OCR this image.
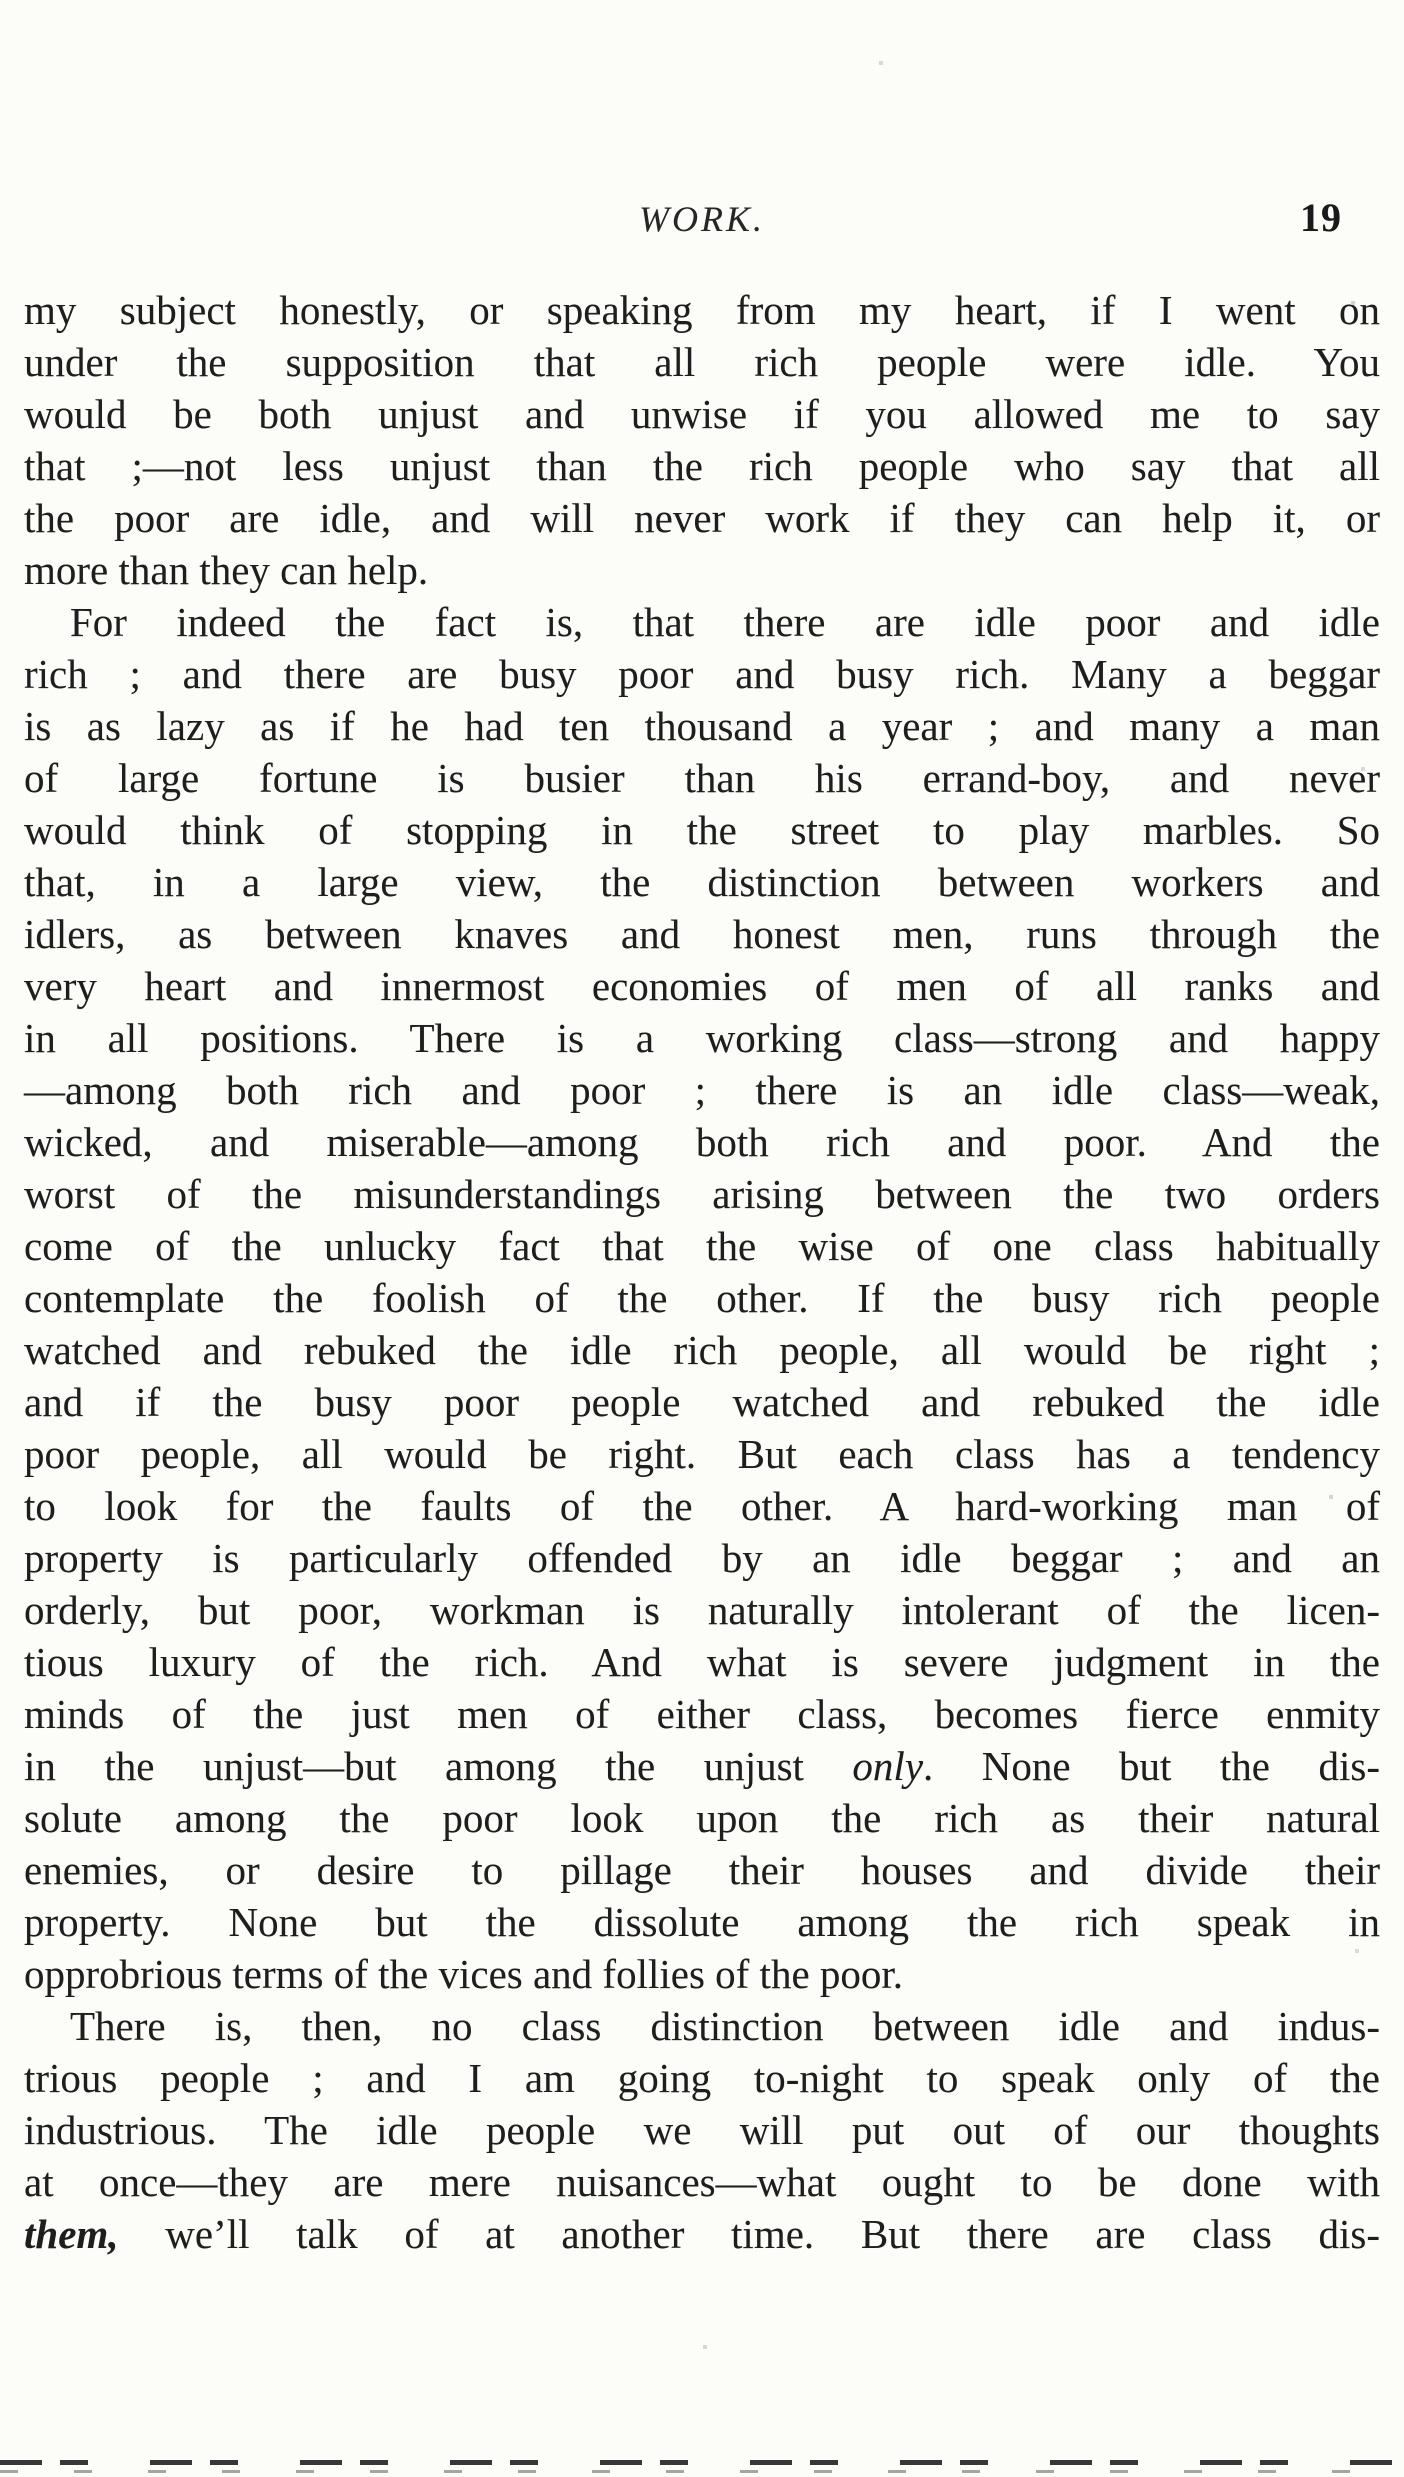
WORK.	19
my subject honestly, or speaking from my heart, if I went on
under the supposition that all rich people were idle. You
would be both unjust and unwise if you allowed me to say
that ;—not less unjust than the rich people who say that all
the poor are idle, and will never work if they can help it, or
more than they can help.
For indeed the fact is, that there are idle poor and idle
rich ; and there are busy poor and busy rich. Many a beggar
is as lazy as if he had ten thousand a year ; and many a man
of large fortune is busier than his errand-boy, and never
would think of stopping in the street to play marbles. So
that, in a large view, the distinction between workers and
idlers, as between knaves and honest men, runs through the
very heart and innermost economies of men of all ranks and
in all positions. There is a working class—strong and happy
—among both rich and poor ; there is an idle class—weak,
wicked, and miserable—among both rich and poor. And the
worst of the misunderstandings arising between the two orders
come of the unlucky fact that the wise of one class habitually
contemplate the foolish of the other. If the busy rich people
watched and rebuked the idle rich people, all would be right ;
and if the busy poor people watched and rebuked the idle
poor people, all would be right. But each class has a tendency
to look for the faults of the other. A hard-working man of
property is particularly offended by an idle beggar ; and an
orderly, but poor, workman is naturally intolerant of the licen-
tious luxury of the rich. And what is severe judgment in the
minds of the just men of either class, becomes fierce enmity
in the unjust—but among the unjust only. None but the dis-
solute among the poor look upon the rich as their natural
enemies, or desire to pillage their houses and divide their
property. None but the dissolute among the rich speak in
opprobrious terms of the vices and follies of the poor.
There is, then, no class distinction between idle and indus-
trious people ; and I am going to-night to speak only of the
industrious. The idle people we will put out of our thoughts
at once—they are mere nuisances—what ought to be done with
them, we’ll talk of at another time. But there are class dis-
